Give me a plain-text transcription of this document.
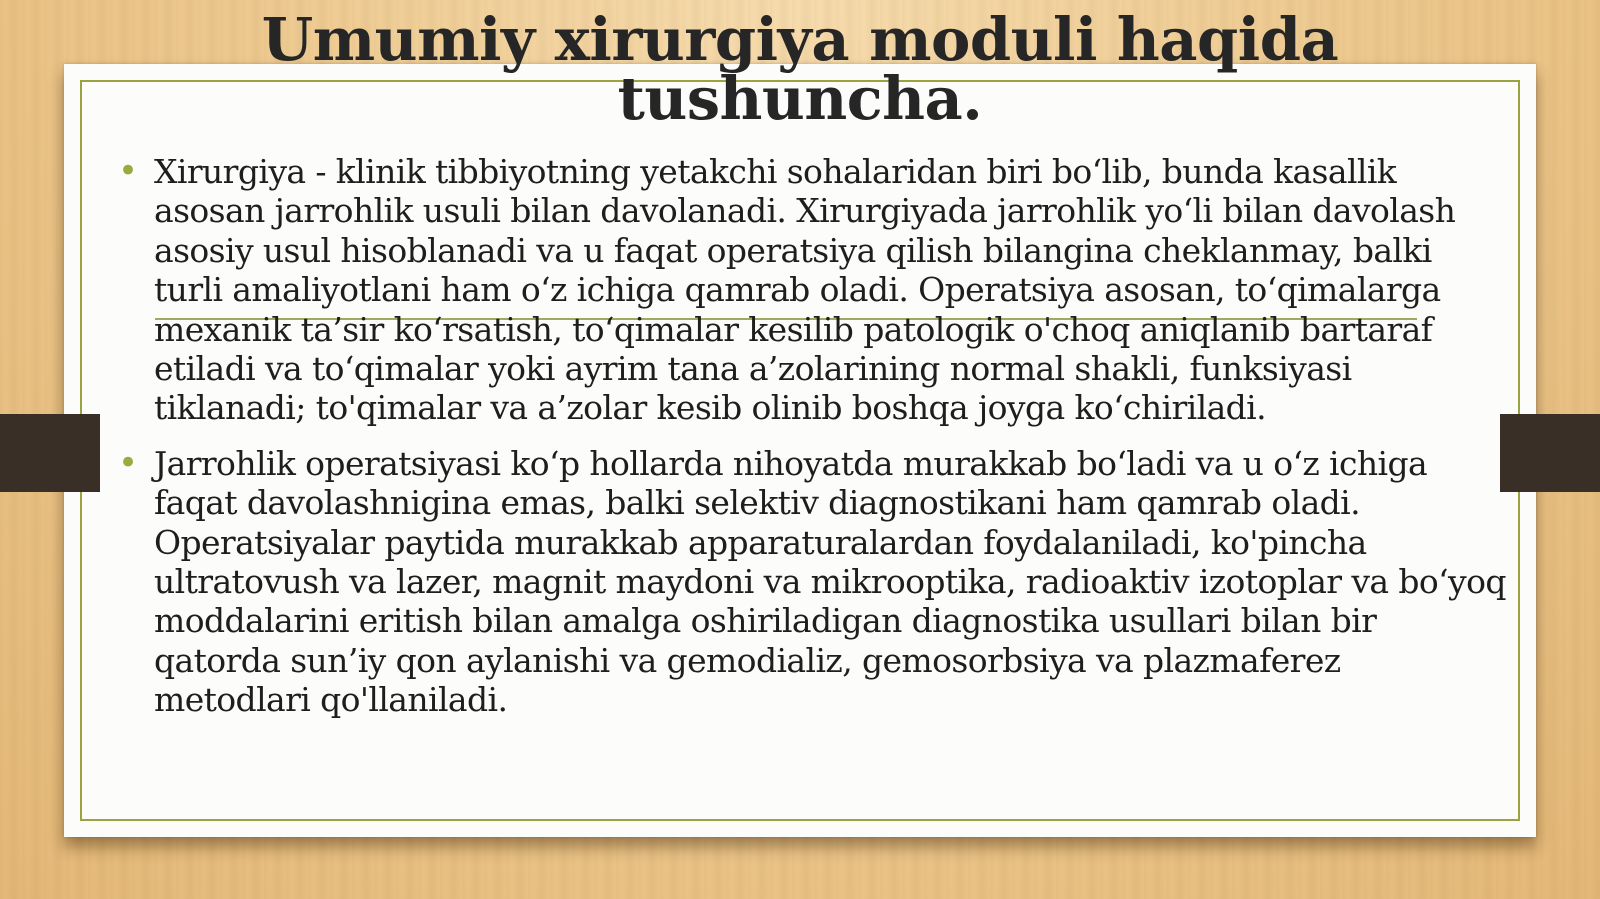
Umumiy xirurgiya moduli haqida tushuncha.
• Xirurgiya - klinik tibbiyotning yetakchi sohalaridan biri bo‘lib, bunda kasallik asosan jarrohlik usuli bilan davolanadi. Xirurgiyada jarrohlik yo‘li bilan davolash asosiy usul hisoblanadi va u faqat operatsiya qilish bilangina cheklanmay, balki turli amaliyotlani ham o‘z ichiga qamrab oladi. Operatsiya asosan, to‘qimalarga mexanik ta’sir ko‘rsatish, to‘qimalar kesilib patologik o'choq aniqlanib bartaraf etiladi va to‘qimalar yoki ayrim tana a’zolarining normal shakli, funksiyasi tiklanadi; to'qimalar va a’zolar kesib olinib boshqa joyga ko‘chiriladi.
• Jarrohlik operatsiyasi ko‘p hollarda nihoyatda murakkab bo‘ladi va u o‘z ichiga faqat davolashnigina emas, balki selektiv diagnostikani ham qamrab oladi. Operatsiyalar paytida murakkab apparaturalardan foydalaniladi, ko'pincha ultratovush va lazer, magnit maydoni va mikrooptika, radioaktiv izotoplar va bo‘yoq moddalarini eritish bilan amalga oshiriladigan diagnostika usullari bilan bir qatorda sun’iy qon aylanishi va gemodializ, gemosorbsiya va plazmaferez metodlari qo'llaniladi.
